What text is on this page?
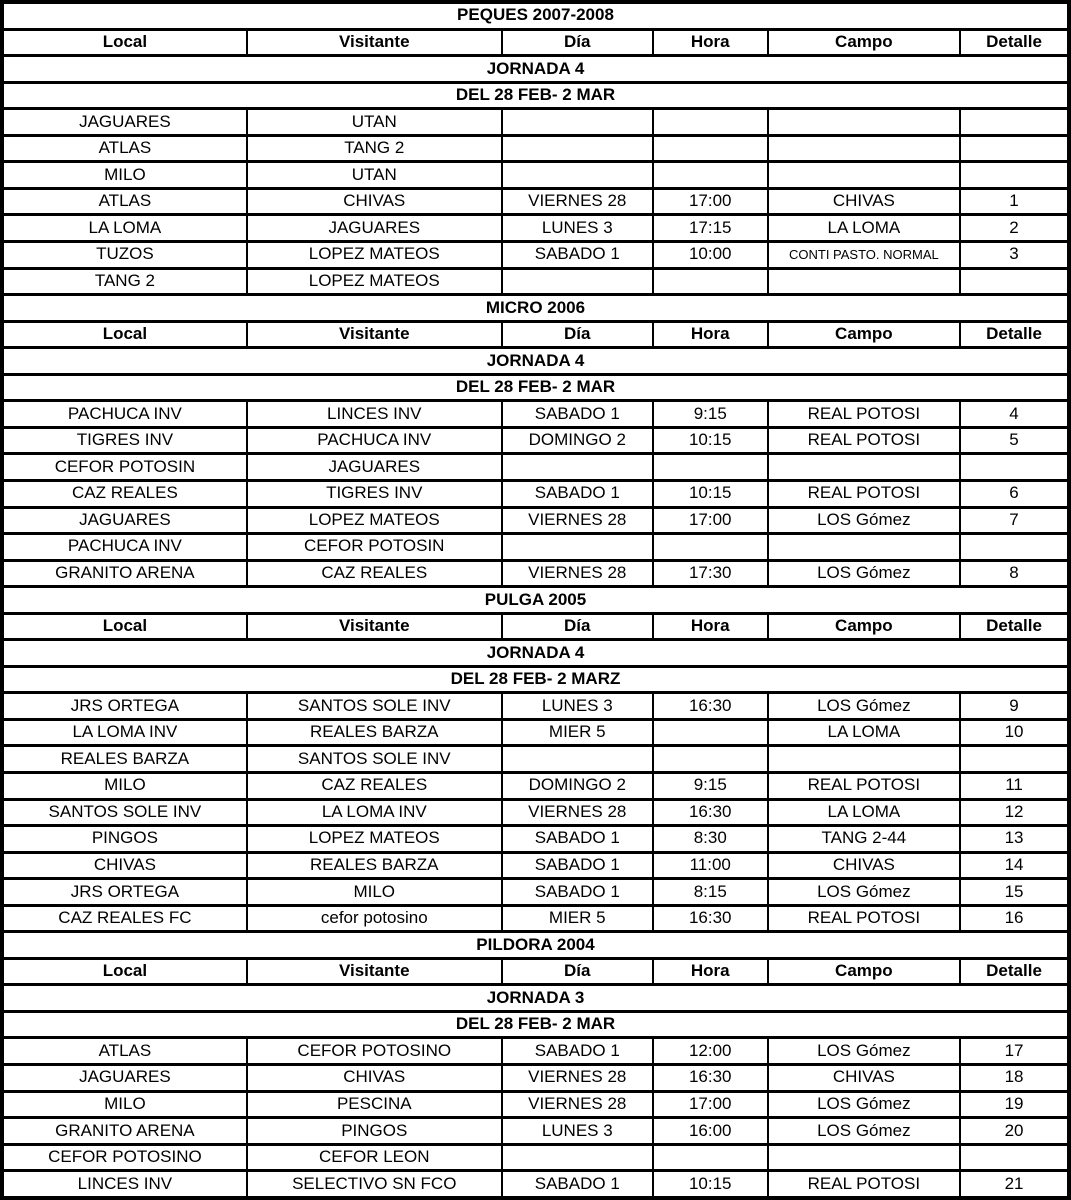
PEQUES 2007-2008					
Local	Visitante	Día	Hora	Campo	Detalle
JORNADA 4					
DEL 28 FEB- 2 MAR					
JAGUARES	UTAN				
ATLAS	TANG 2				
MILO	UTAN				
ATLAS	CHIVAS	VIERNES 28	17:00	CHIVAS	1
LA LOMA	JAGUARES	LUNES 3	17:15	LA LOMA	2
TUZOS	LOPEZ MATEOS	SABADO 1	10:00	CONTI PASTO. NORMAL	3
TANG 2	LOPEZ MATEOS				
MICRO 2006					
Local	Visitante	Día	Hora	Campo	Detalle
JORNADA 4					
DEL 28 FEB- 2 MAR					
PACHUCA INV	LINCES INV	SABADO 1	9:15	REAL POTOSI	4
TIGRES INV	PACHUCA INV	DOMINGO 2	10:15	REAL POTOSI	5
CEFOR POTOSIN	JAGUARES				
CAZ REALES	TIGRES INV	SABADO 1	10:15	REAL POTOSI	6
JAGUARES	LOPEZ MATEOS	VIERNES 28	17:00	LOS Gómez	7
PACHUCA INV	CEFOR POTOSIN				
GRANITO ARENA	CAZ REALES	VIERNES 28	17:30	LOS Gómez	8
PULGA 2005					
Local	Visitante	Día	Hora	Campo	Detalle
JORNADA 4					
DEL 28 FEB- 2 MARZ					
JRS ORTEGA	SANTOS SOLE INV	LUNES 3	16:30	LOS Gómez	9
LA LOMA INV	REALES BARZA	MIER 5		LA LOMA	10
REALES BARZA	SANTOS SOLE INV				
MILO	CAZ REALES	DOMINGO 2	9:15	REAL POTOSI	11
SANTOS SOLE INV	LA LOMA INV	VIERNES 28	16:30	LA LOMA	12
PINGOS	LOPEZ MATEOS	SABADO 1	8:30	TANG 2-44	13
CHIVAS	REALES BARZA	SABADO 1	11:00	CHIVAS	14
JRS ORTEGA	MILO	SABADO 1	8:15	LOS Gómez	15
CAZ REALES FC	cefor potosino	MIER 5	16:30	REAL POTOSI	16
PILDORA 2004					
Local	Visitante	Día	Hora	Campo	Detalle
JORNADA 3					
DEL 28 FEB- 2 MAR					
ATLAS	CEFOR POTOSINO	SABADO 1	12:00	LOS Gómez	17
JAGUARES	CHIVAS	VIERNES 28	16:30	CHIVAS	18
MILO	PESCINA	VIERNES 28	17:00	LOS Gómez	19
GRANITO ARENA	PINGOS	LUNES 3	16:00	LOS Gómez	20
CEFOR POTOSINO	CEFOR LEON				
LINCES INV	SELECTIVO SN FCO	SABADO 1	10:15	REAL POTOSI	21
